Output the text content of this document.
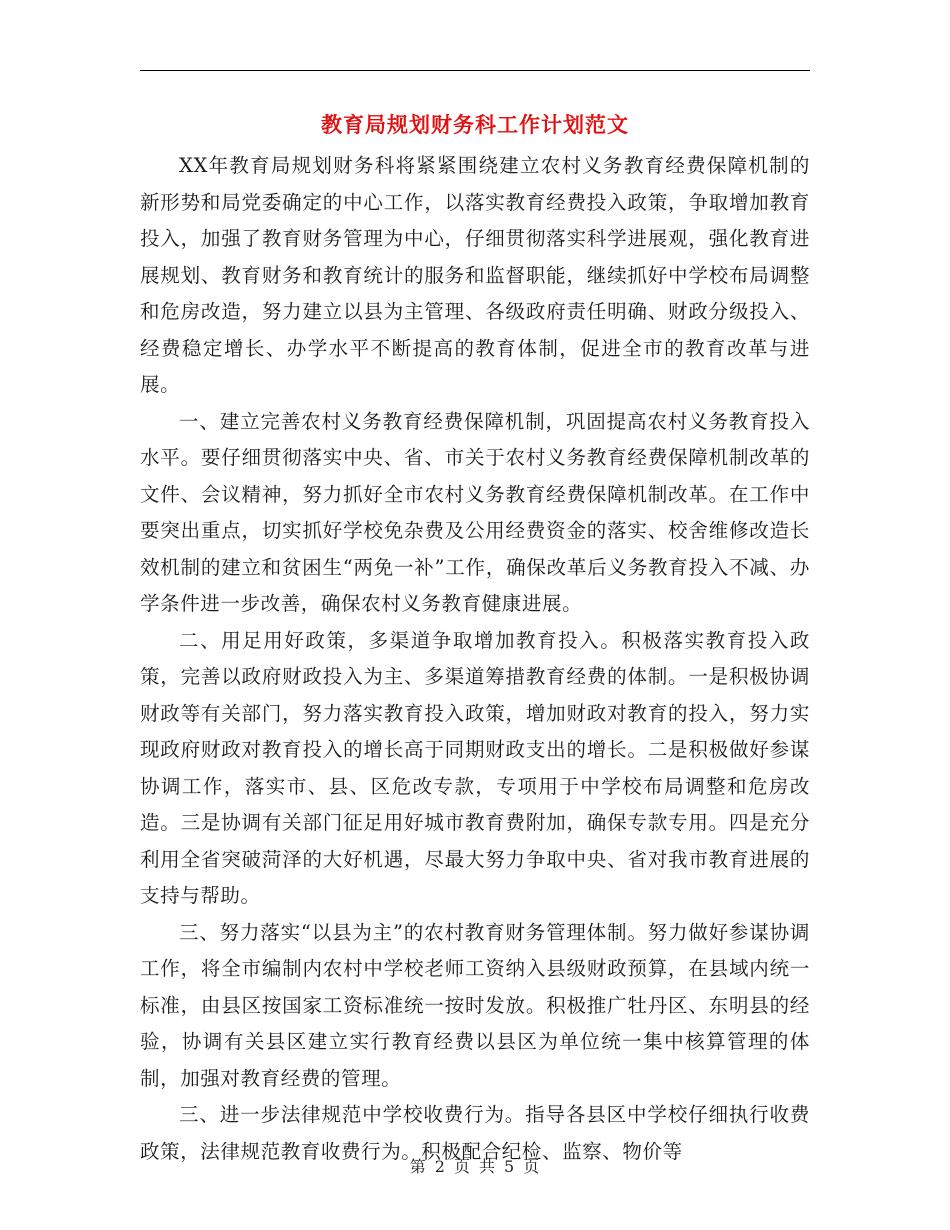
教育局规划财务科工作计划范文

XX年教育局规划财务科将紧紧围绕建立农村义务教育经费保障机制的新形势和局党委确定的中心工作，以落实教育经费投入政策，争取增加教育投入，加强了教育财务管理为中心，仔细贯彻落实科学进展观，强化教育进展规划、教育财务和教育统计的服务和监督职能，继续抓好中学校布局调整和危房改造，努力建立以县为主管理、各级政府责任明确、财政分级投入、经费稳定增长、办学水平不断提高的教育体制，促进全市的教育改革与进展。

一、建立完善农村义务教育经费保障机制，巩固提高农村义务教育投入水平。要仔细贯彻落实中央、省、市关于农村义务教育经费保障机制改革的文件、会议精神，努力抓好全市农村义务教育经费保障机制改革。在工作中要突出重点，切实抓好学校免杂费及公用经费资金的落实、校舍维修改造长效机制的建立和贫困生“两免一补”工作，确保改革后义务教育投入不减、办学条件进一步改善，确保农村义务教育健康进展。

二、用足用好政策，多渠道争取增加教育投入。积极落实教育投入政策，完善以政府财政投入为主、多渠道筹措教育经费的体制。一是积极协调财政等有关部门，努力落实教育投入政策，增加财政对教育的投入，努力实现政府财政对教育投入的增长高于同期财政支出的增长。二是积极做好参谋协调工作，落实市、县、区危改专款，专项用于中学校布局调整和危房改造。三是协调有关部门征足用好城市教育费附加，确保专款专用。四是充分利用全省突破菏泽的大好机遇，尽最大努力争取中央、省对我市教育进展的支持与帮助。

三、努力落实“以县为主”的农村教育财务管理体制。努力做好参谋协调工作，将全市编制内农村中学校老师工资纳入县级财政预算，在县域内统一标准，由县区按国家工资标准统一按时发放。积极推广牡丹区、东明县的经验，协调有关县区建立实行教育经费以县区为单位统一集中核算管理的体制，加强对教育经费的管理。

三、进一步法律规范中学校收费行为。指导各县区中学校仔细执行收费政策，法律规范教育收费行为。积极配合纪检、监察、物价等

第 2 页 共 5 页
